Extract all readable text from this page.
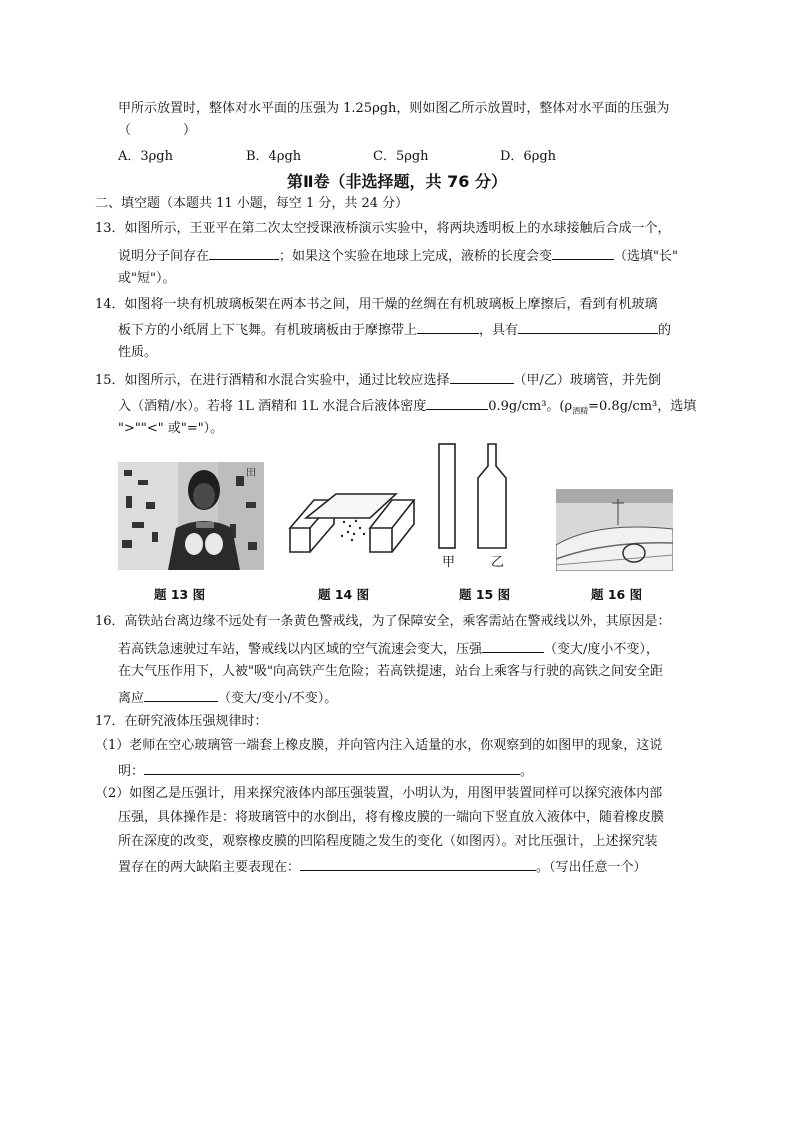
甲所示放置时，整体对水平面的压强为 1.25ρgh，则如图乙所示放置时，整体对水平面的压强为
（　　　　）
A．3ρgh	B．4ρgh	C．5ρgh	D．6ρgh
第Ⅱ卷（非选择题，共 76 分）
二、填空题（本题共 11 小题，每空 1 分，共 24 分）
13．如图所示，王亚平在第二次太空授课液桥演示实验中，将两块透明板上的水球接触后合成一个，
说明分子间存在	；如果这个实验在地球上完成，液桥的长度会变	（选填"长"
或"短"）。
14．如图将一块有机玻璃板架在两本书之间，用干燥的丝绸在有机玻璃板上摩擦后，看到有机玻璃
板下方的小纸屑上下飞舞。有机玻璃板由于摩擦带上	，具有	的
性质。
15．如图所示，在进行酒精和水混合实验中，通过比较应选择	（甲/乙）玻璃管，并先倒
入（酒精/水）。若将 1L 酒精和 1L 水混合后液体密度	0.9g/cm³。($\rho_{酒精}=0.8g$/cm³，选填
">""<" 或"="）。
田
甲	乙
题 13 图	题 14 图	题 15 图	题 16 图
16．高铁站台离边缘不远处有一条黄色警戒线，为了保障安全，乘客需站在警戒线以外，其原因是：
若高铁急速驶过车站，警戒线以内区域的空气流速会变大，压强	（变大/度小不变），
在大气压作用下，人被"吸"向高铁产生危险；若高铁提速，站台上乘客与行驶的高铁之间安全距
离应	（变大/变小/不变）。
17．在研究液体压强规律时：
（1）老师在空心玻璃管一端套上橡皮膜，并向管内注入适量的水，你观察到的如图甲的现象，这说
明：	。
（2）如图乙是压强计，用来探究液体内部压强装置，小明认为，用图甲装置同样可以探究液体内部
压强，具体操作是：将玻璃管中的水倒出，将有橡皮膜的一端向下竖直放入液体中，随着橡皮膜
所在深度的改变，观察橡皮膜的凹陷程度随之发生的变化（如图丙）。对比压强计，上述探究装
置存在的两大缺陷主要表现在：	。（写出任意一个）
